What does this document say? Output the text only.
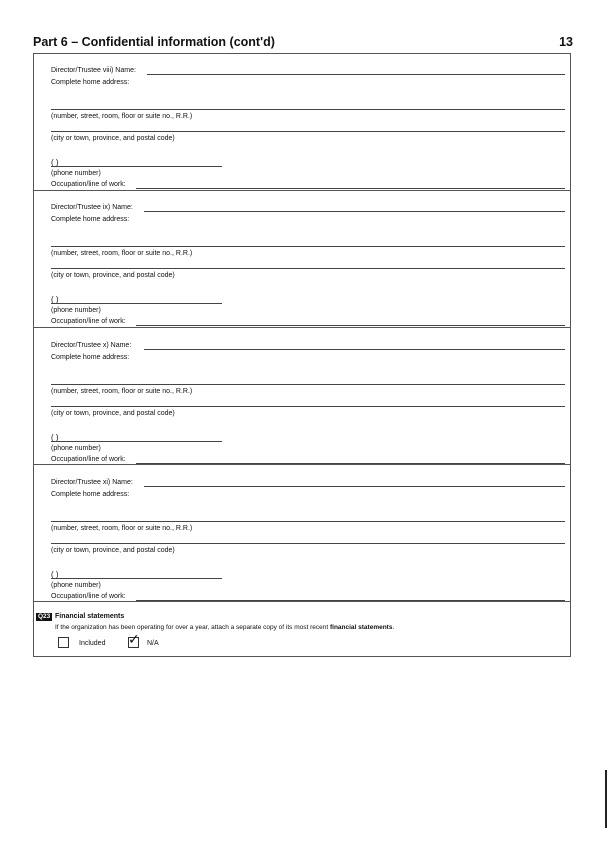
Part 6 – Confidential information (cont'd)	13
Director/Trustee viii) Name:
Complete home address:
(number, street, room, floor or suite no., R.R.)
(city or town, province, and postal code)
( )
(phone number)
Occupation/line of work:
Director/Trustee ix) Name:
Complete home address:
(number, street, room, floor or suite no., R.R.)
(city or town, province, and postal code)
( )
(phone number)
Occupation/line of work:
Director/Trustee x) Name:
Complete home address:
(number, street, room, floor or suite no., R.R.)
(city or town, province, and postal code)
( )
(phone number)
Occupation/line of work:
Director/Trustee xi) Name:
Complete home address:
(number, street, room, floor or suite no., R.R.)
(city or town, province, and postal code)
( )
(phone number)
Occupation/line of work:
Q23 Financial statements
If the organization has been operating for over a year, attach a separate copy of its most recent financial statements.
Included ✓ N/A
